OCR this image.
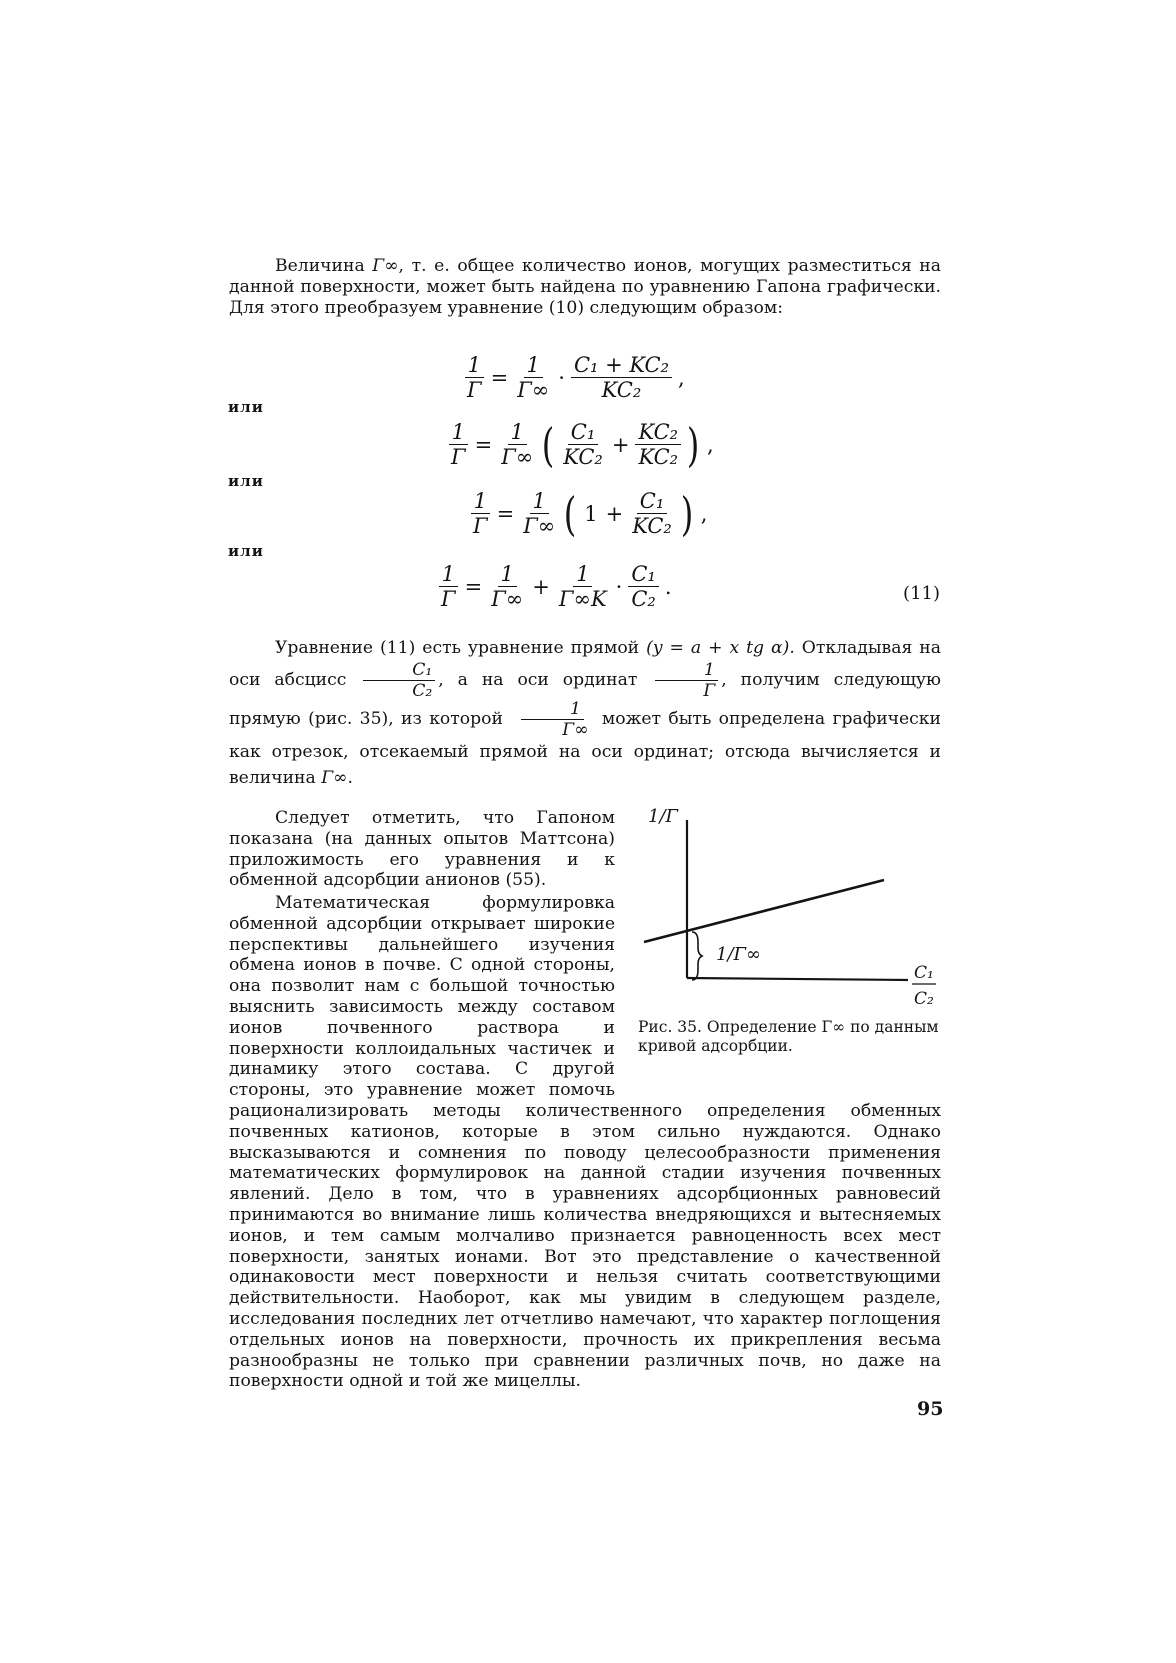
Величина Γ∞, т. е. общее количество ионов, могущих разместиться на данной поверхности, может быть найдена по уравнению Гапона графически. Для этого преобразуем уравнение (10) следующим образом:

$\frac{1}{\Gamma} = \frac{1}{\Gamma\infty} \cdot \frac{\text{C₁ + KC₂}}{\text{KC₂}}$ ,
или
$\frac{1}{\Gamma} = \frac{1}{\Gamma\infty}$ ( $\frac{\text{C₁}}{\text{KC₂}} + \frac{\text{KC₂}}{\text{KC₂}}$ ) ,
или
$\frac{1}{\Gamma} = \frac{1}{\Gamma\infty}$ ( $1 + \frac{\text{C₁}}{\text{KC₂}}$ ) ,
или
$\frac{1}{\Gamma} = \frac{1}{\Gamma\infty} + \frac{1}{\Gamma\infty K} \cdot \frac{\text{C₁}}{\text{C₂}}$ .	(11)

Уравнение (11) есть уравнение прямой (y = a + x tg α). Откладывая на оси абсцисс $\frac{\text{C₁}}{\text{C₂}}$ , а на оси ординат $\frac{1}{\Gamma}$ , получим следующую прямую (рис. 35), из которой $\frac{1}{\Gamma\infty}$ может быть определена графически как отрезок, отсекаемый прямой на оси ординат; отсюда вычисляется и величина Γ∞.

Следует отметить, что Гапоном показана (на данных опытов Маттсона) приложимость его уравнения и к обменной адсорбции анионов (55).

Математическая формулировка обменной адсорбции открывает широкие перспективы дальнейшего изучения обмена ионов в почве. С одной стороны, она позволит нам с большой точностью выяснить зависимость между составом ионов почвенного раствора и поверхности коллоидальных частичек и динамику этого состава. С другой стороны, это уравнение может помочь рационализировать методы количественного определения обменных почвенных катионов, которые в этом сильно нуждаются. Однако высказываются и сомнения по поводу целесообразности применения математических формулировок на данной стадии изучения почвенных явлений. Дело в том, что в уравнениях адсорбционных равновесий принимаются во внимание лишь количества внедряющихся и вытесняемых ионов, и тем самым молчаливо признается равноценность всех мест поверхности, занятых ионами. Вот это представление о качественной одинаковости мест поверхности и нельзя считать соответствующими действительности. Наоборот, как мы увидим в следующем разделе, исследования последних лет отчетливо намечают, что характер поглощения отдельных ионов на поверхности, прочность их прикрепления весьма разнообразны не только при сравнении различных почв, но даже на поверхности одной и той же мицеллы.

1/Γ
1/Γ∞
C₁
C₂
Рис. 35. Определение Γ∞ по данным кривой адсорбции.
95
